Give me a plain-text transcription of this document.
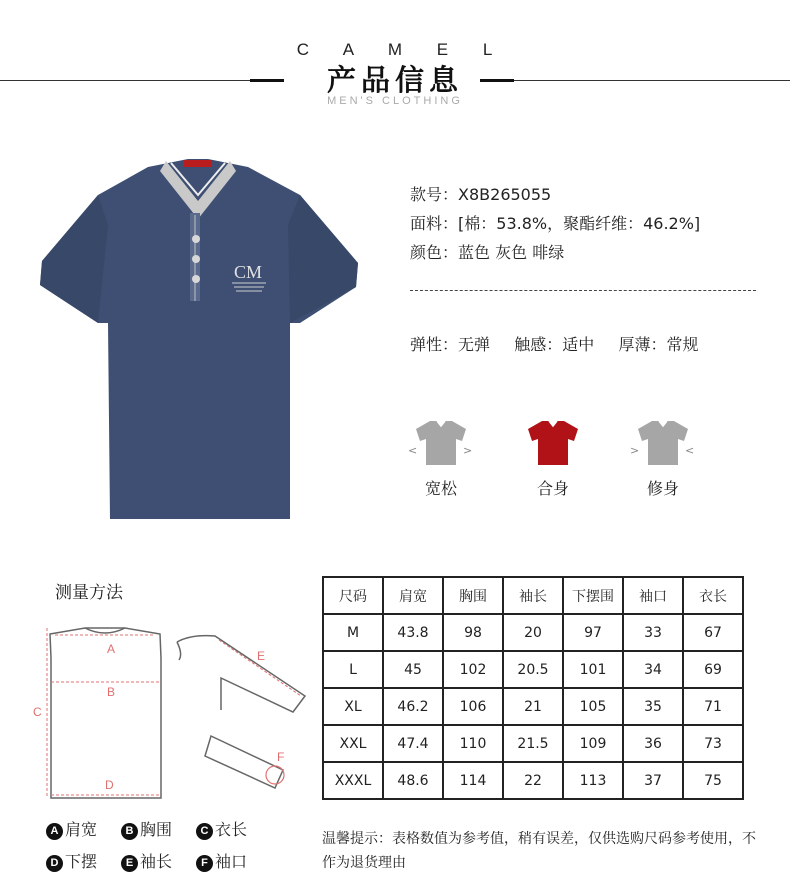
C A M E L
产品信息
MEN'S CLOTHING
CM
款号：X8B265055
面料：[棉：53.8%，聚酯纤维：46.2%]
颜色：蓝色 灰色 啡绿
弹性：无弹 触感：适中 厚薄：常规
<	>
宽松	合身
>	<
修身
测量方法
A
B
C
D
E
F
A 肩宽	B 胸围	C 衣长
D 下摆	E 袖长	F 袖口
尺码	肩宽	胸围	袖长	下摆围	袖口	衣长
M	43.8	98	20	97	33	67
L	45	102	20.5	101	34	69
XL	46.2	106	21	105	35	71
XXL	47.4	110	21.5	109	36	73
XXXL	48.6	114	22	113	37	75
温馨提示：表格数值为参考值，稍有误差，仅供选购尺码参考使用，不作为退货理由
